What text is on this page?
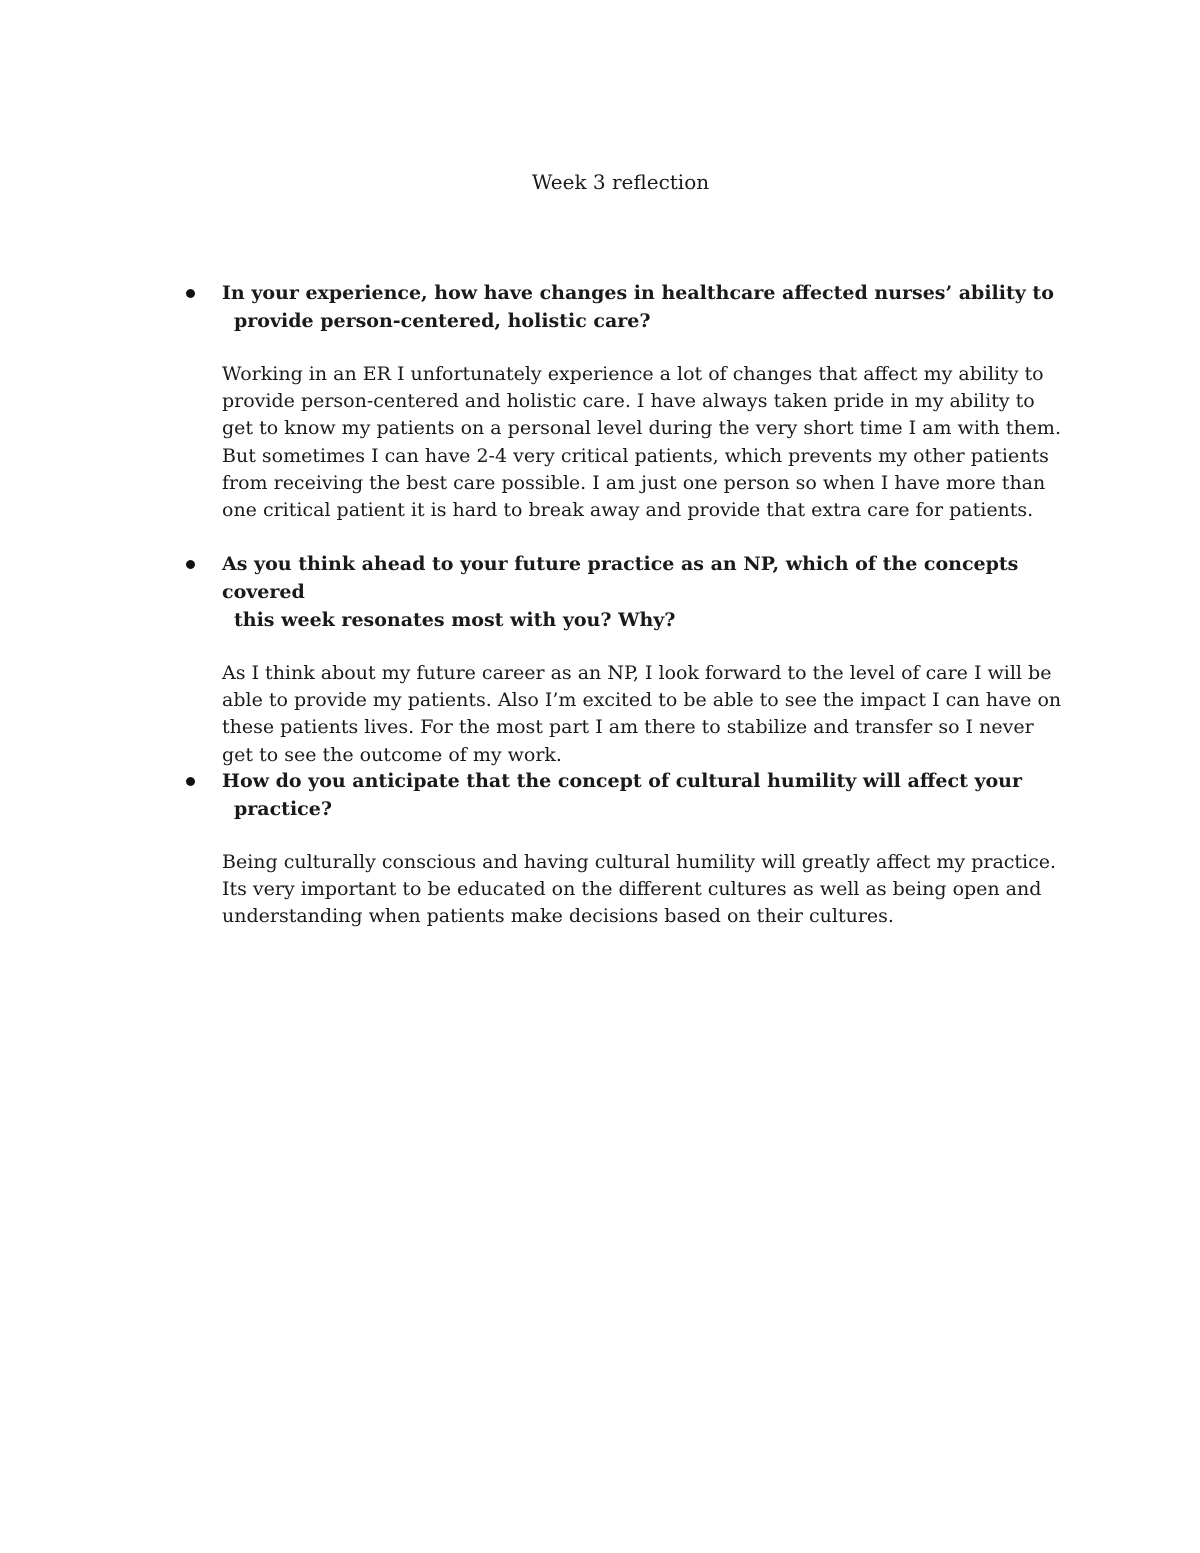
Week 3 reflection

In your experience, how have changes in healthcare affected nurses’ ability to
provide person-centered, holistic care?

Working in an ER I unfortunately experience a lot of changes that affect my ability to provide person-centered and holistic care. I have always taken pride in my ability to get to know my patients on a personal level during the very short time I am with them. But sometimes I can have 2-4 very critical patients, which prevents my other patients from receiving the best care possible. I am just one person so when I have more than one critical patient it is hard to break away and provide that extra care for patients.

As you think ahead to your future practice as an NP, which of the concepts covered
this week resonates most with you? Why?

As I think about my future career as an NP, I look forward to the level of care I will be able to provide my patients. Also I’m excited to be able to see the impact I can have on these patients lives. For the most part I am there to stabilize and transfer so I never get to see the outcome of my work.

How do you anticipate that the concept of cultural humility will affect your
practice?

Being culturally conscious and having cultural humility will greatly affect my practice. Its very important to be educated on the different cultures as well as being open and understanding when patients make decisions based on their cultures.
